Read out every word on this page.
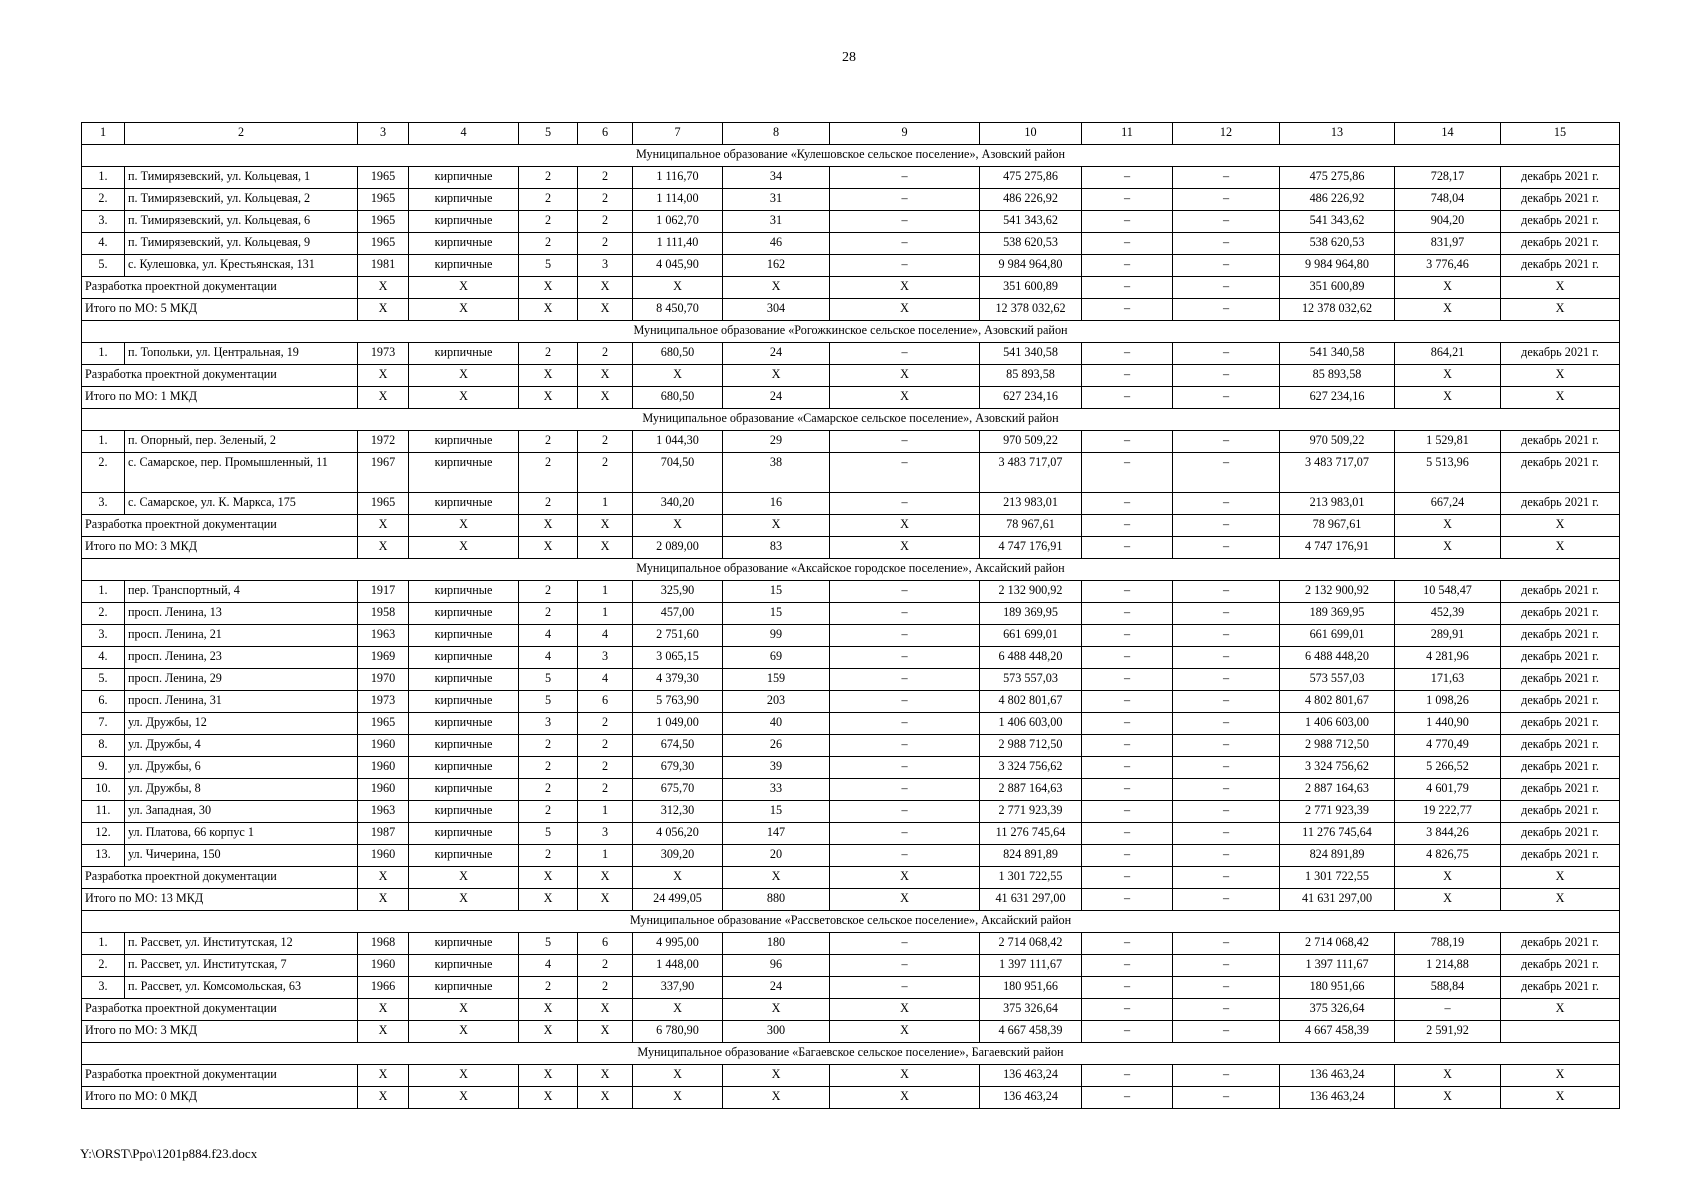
28
1	2	3	4	5	6	7	8	9	10	11	12	13	14	15
Муниципальное образование «Кулешовское сельское поселение», Азовский район														
1.	п. Тимирязевский, ул. Кольцевая, 1	1965	кирпичные	2	2	1 116,70	34	–	475 275,86	–	–	475 275,86	728,17	декабрь 2021 г.
2.	п. Тимирязевский, ул. Кольцевая, 2	1965	кирпичные	2	2	1 114,00	31	–	486 226,92	–	–	486 226,92	748,04	декабрь 2021 г.
3.	п. Тимирязевский, ул. Кольцевая, 6	1965	кирпичные	2	2	1 062,70	31	–	541 343,62	–	–	541 343,62	904,20	декабрь 2021 г.
4.	п. Тимирязевский, ул. Кольцевая, 9	1965	кирпичные	2	2	1 111,40	46	–	538 620,53	–	–	538 620,53	831,97	декабрь 2021 г.
5.	с. Кулешовка, ул. Крестьянская, 131	1981	кирпичные	5	3	4 045,90	162	–	9 984 964,80	–	–	9 984 964,80	3 776,46	декабрь 2021 г.
Разработка проектной документации		Х	Х	Х	Х	Х	Х	Х	351 600,89	–	–	351 600,89	Х	Х
Итого по МО: 5 МКД		Х	Х	Х	Х	8 450,70	304	Х	12 378 032,62	–	–	12 378 032,62	Х	Х
Муниципальное образование «Рогожкинское сельское поселение», Азовский район														
1.	п. Топольки, ул. Центральная, 19	1973	кирпичные	2	2	680,50	24	–	541 340,58	–	–	541 340,58	864,21	декабрь 2021 г.
Разработка проектной документации		Х	Х	Х	Х	Х	Х	Х	85 893,58	–	–	85 893,58	Х	Х
Итого по МО: 1 МКД		Х	Х	Х	Х	680,50	24	Х	627 234,16	–	–	627 234,16	Х	Х
Муниципальное образование «Самарское сельское поселение», Азовский район														
1.	п. Опорный, пер. Зеленый, 2	1972	кирпичные	2	2	1 044,30	29	–	970 509,22	–	–	970 509,22	1 529,81	декабрь 2021 г.
2.	с. Самарское, пер. Промышленный, 11	1967	кирпичные	2	2	704,50	38	–	3 483 717,07	–	–	3 483 717,07	5 513,96	декабрь 2021 г.
3.	с. Самарское, ул. К. Маркса, 175	1965	кирпичные	2	1	340,20	16	–	213 983,01	–	–	213 983,01	667,24	декабрь 2021 г.
Разработка проектной документации		Х	Х	Х	Х	Х	Х	Х	78 967,61	–	–	78 967,61	Х	Х
Итого по МО: 3 МКД		Х	Х	Х	Х	2 089,00	83	Х	4 747 176,91	–	–	4 747 176,91	Х	Х
Муниципальное образование «Аксайское городское поселение», Аксайский район														
1.	пер. Транспортный, 4	1917	кирпичные	2	1	325,90	15	–	2 132 900,92	–	–	2 132 900,92	10 548,47	декабрь 2021 г.
2.	просп. Ленина, 13	1958	кирпичные	2	1	457,00	15	–	189 369,95	–	–	189 369,95	452,39	декабрь 2021 г.
3.	просп. Ленина, 21	1963	кирпичные	4	4	2 751,60	99	–	661 699,01	–	–	661 699,01	289,91	декабрь 2021 г.
4.	просп. Ленина, 23	1969	кирпичные	4	3	3 065,15	69	–	6 488 448,20	–	–	6 488 448,20	4 281,96	декабрь 2021 г.
5.	просп. Ленина, 29	1970	кирпичные	5	4	4 379,30	159	–	573 557,03	–	–	573 557,03	171,63	декабрь 2021 г.
6.	просп. Ленина, 31	1973	кирпичные	5	6	5 763,90	203	–	4 802 801,67	–	–	4 802 801,67	1 098,26	декабрь 2021 г.
7.	ул. Дружбы, 12	1965	кирпичные	3	2	1 049,00	40	–	1 406 603,00	–	–	1 406 603,00	1 440,90	декабрь 2021 г.
8.	ул. Дружбы, 4	1960	кирпичные	2	2	674,50	26	–	2 988 712,50	–	–	2 988 712,50	4 770,49	декабрь 2021 г.
9.	ул. Дружбы, 6	1960	кирпичные	2	2	679,30	39	–	3 324 756,62	–	–	3 324 756,62	5 266,52	декабрь 2021 г.
10.	ул. Дружбы, 8	1960	кирпичные	2	2	675,70	33	–	2 887 164,63	–	–	2 887 164,63	4 601,79	декабрь 2021 г.
11.	ул. Западная, 30	1963	кирпичные	2	1	312,30	15	–	2 771 923,39	–	–	2 771 923,39	19 222,77	декабрь 2021 г.
12.	ул. Платова, 66 корпус 1	1987	кирпичные	5	3	4 056,20	147	–	11 276 745,64	–	–	11 276 745,64	3 844,26	декабрь 2021 г.
13.	ул. Чичерина, 150	1960	кирпичные	2	1	309,20	20	–	824 891,89	–	–	824 891,89	4 826,75	декабрь 2021 г.
Разработка проектной документации		Х	Х	Х	Х	Х	Х	Х	1 301 722,55	–	–	1 301 722,55	Х	Х
Итого по МО: 13 МКД		Х	Х	Х	Х	24 499,05	880	Х	41 631 297,00	–	–	41 631 297,00	Х	Х
Муниципальное образование «Рассветовское сельское поселение», Аксайский район														
1.	п. Рассвет, ул. Институтская, 12	1968	кирпичные	5	6	4 995,00	180	–	2 714 068,42	–	–	2 714 068,42	788,19	декабрь 2021 г.
2.	п. Рассвет, ул. Институтская, 7	1960	кирпичные	4	2	1 448,00	96	–	1 397 111,67	–	–	1 397 111,67	1 214,88	декабрь 2021 г.
3.	п. Рассвет, ул. Комсомольская, 63	1966	кирпичные	2	2	337,90	24	–	180 951,66	–	–	180 951,66	588,84	декабрь 2021 г.
Разработка проектной документации		Х	Х	Х	Х	Х	Х	Х	375 326,64	–	–	375 326,64	–	Х
Итого по МО: 3 МКД		Х	Х	Х	Х	6 780,90	300	Х	4 667 458,39	–	–	4 667 458,39	2 591,92	
Муниципальное образование «Багаевское сельское поселение», Багаевский район														
Разработка проектной документации		Х	Х	Х	Х	Х	Х	Х	136 463,24	–	–	136 463,24	Х	Х
Итого по МО: 0 МКД		Х	Х	Х	Х	Х	Х	Х	136 463,24	–	–	136 463,24	Х	Х
Y:\ORST\Ppo\1201p884.f23.docx
